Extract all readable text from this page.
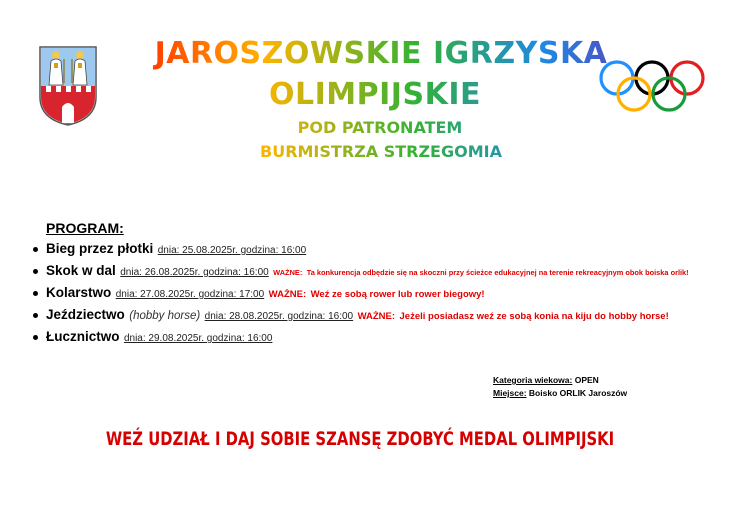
JAROSZOWSKIE IGRZYSKA
OLIMPIJSKIE
POD PATRONATEM
BURMISTRZA STRZEGOMIA
PROGRAM:
Bieg przez płotki dnia: 25.08.2025r. godzina: 16:00
Skok w dal dnia: 26.08.2025r. godzina: 16:00 WAŻNE: Ta konkurencja odbędzie się na skoczni przy ścieżce edukacyjnej na terenie rekreacyjnym obok boiska orlik!
Kolarstwo dnia: 27.08.2025r. godzina: 17:00 WAŻNE: Weź ze sobą rower lub rower biegowy!
Jeździectwo (hobby horse) dnia: 28.08.2025r. godzina: 16:00 WAŻNE: Jeżeli posiadasz weź ze sobą konia na kiju do hobby horse!
Łucznictwo dnia: 29.08.2025r. godzina: 16:00
Kategoria wiekowa: OPEN
Miejsce: Boisko ORLIK Jaroszów
WEŹ UDZIAŁ I DAJ SOBIE SZANSĘ ZDOBYĆ MEDAL OLIMPIJSKI
